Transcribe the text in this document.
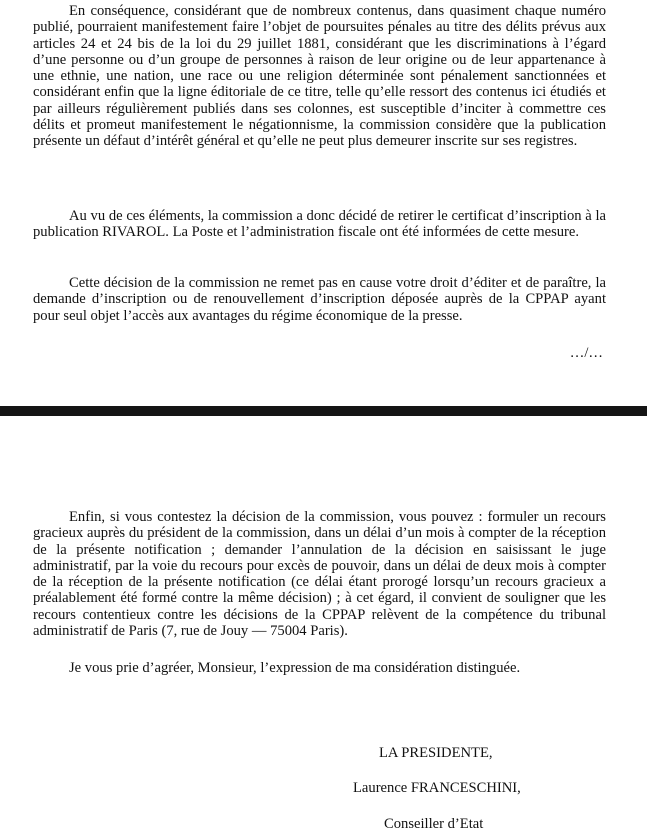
En conséquence, considérant que de nombreux contenus, dans quasiment chaque numéro publié, pourraient manifestement faire l’objet de poursuites pénales au titre des délits prévus aux articles 24 et 24 bis de la loi du 29 juillet 1881, considérant que les discriminations à l’égard d’une personne ou d’un groupe de personnes à raison de leur origine ou de leur appartenance à une ethnie, une nation, une race ou une religion déterminée sont pénalement sanctionnées et considérant enfin que la ligne éditoriale de ce titre, telle qu’elle ressort des contenus ici étudiés et par ailleurs régulièrement publiés dans ses colonnes, est susceptible d’inciter à commettre ces délits et promeut manifestement le négationnisme, la commission considère que la publication présente un défaut d’intérêt général et qu’elle ne peut plus demeurer inscrite sur ses registres.

Au vu de ces éléments, la commission a donc décidé de retirer le certificat d’inscription à la publication RIVAROL. La Poste et l’administration fiscale ont été informées de cette mesure.

Cette décision de la commission ne remet pas en cause votre droit d’éditer et de paraître, la demande d’inscription ou de renouvellement d’inscription déposée auprès de la CPPAP ayant pour seul objet l’accès aux avantages du régime économique de la presse.

…/…

Enfin, si vous contestez la décision de la commission, vous pouvez : formuler un recours gracieux auprès du président de la commission, dans un délai d’un mois à compter de la réception de la présente notification ; demander l’annulation de la décision en saisissant le juge administratif, par la voie du recours pour excès de pouvoir, dans un délai de deux mois à compter de la réception de la présente notification (ce délai étant prorogé lorsqu’un recours gracieux a préalablement été formé contre la même décision) ; à cet égard, il convient de souligner que les recours contentieux contre les décisions de la CPPAP relèvent de la compétence du tribunal administratif de Paris (7, rue de Jouy — 75004 Paris).

Je vous prie d’agréer, Monsieur, l’expression de ma considération distinguée.

LA PRESIDENTE,
Laurence FRANCESCHINI,
Conseiller d’Etat
